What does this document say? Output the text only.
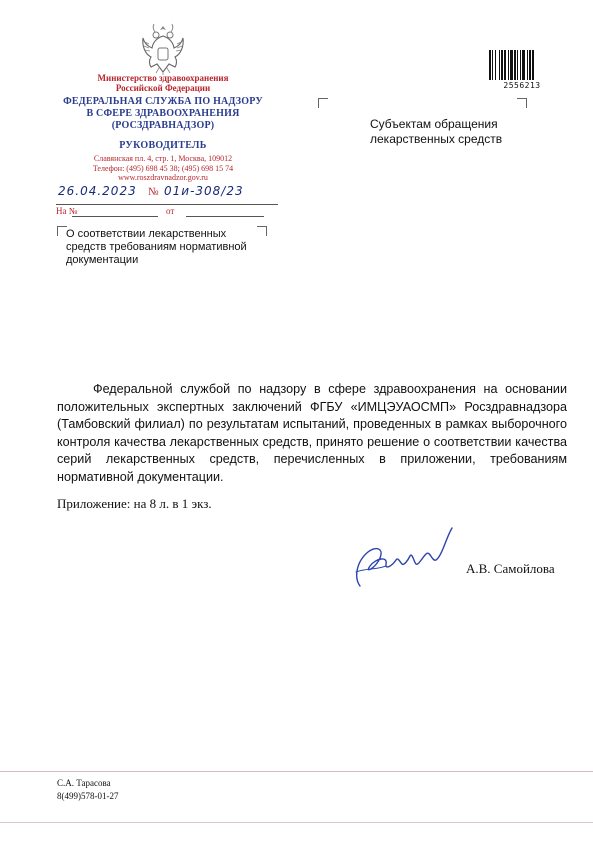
Министерство здравоохранения
Российской Федерации
ФЕДЕРАЛЬНАЯ СЛУЖБА ПО НАДЗОРУ
В СФЕРЕ ЗДРАВООХРАНЕНИЯ
(РОСЗДРАВНАДЗОР)
РУКОВОДИТЕЛЬ
Славянская пл. 4, стр. 1, Москва, 109012
Телефон: (495) 698 45 38; (495) 698 15 74
www.roszdravnadzor.gov.ru
26.04.2023 № 01и-308/23
На №	от
О соответствии лекарственных средств требованиям нормативной документации
Субъектам обращения лекарственных средств
2556213

Федеральной службой по надзору в сфере здравоохранения на основании положительных экспертных заключений ФГБУ «ИМЦЭУАОСМП» Росздравнадзора (Тамбовский филиал) по результатам испытаний, проведенных в рамках выборочного контроля качества лекарственных средств, принято решение о соответствии качества серий лекарственных средств, перечисленных в приложении, требованиям нормативной документации.

Приложение: на 8 л. в 1 экз.
А.В. Самойлова
С.А. Тарасова
8(499)578-01-27
